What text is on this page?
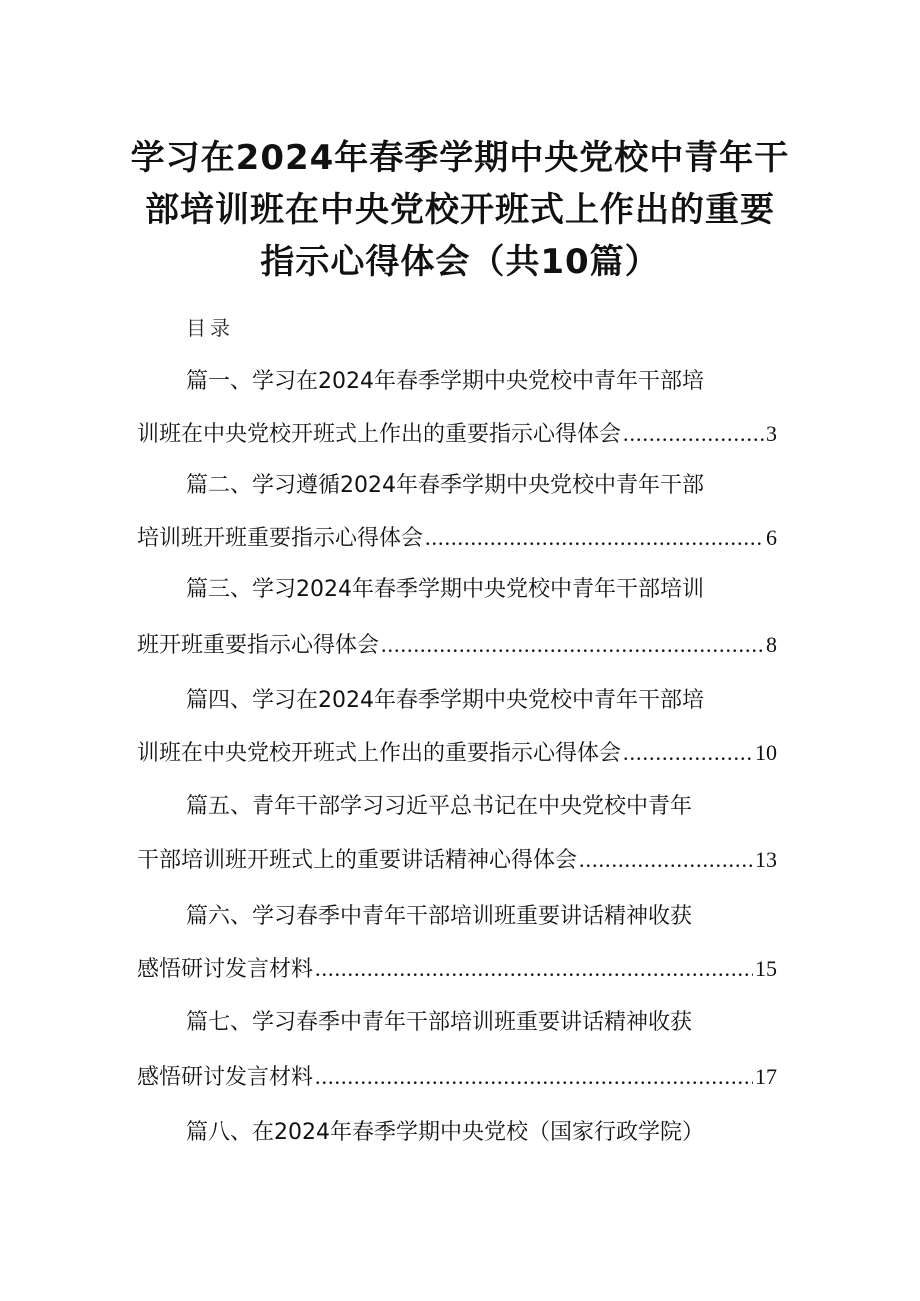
学习在2024年春季学期中央党校中青年干
部培训班在中央党校开班式上作出的重要
指示心得体会（共10篇）
目录
篇一、学习在2024年春季学期中央党校中青年干部培
训班在中央党校开班式上作出的重要指示心得体会 .....	3
篇二、学习遵循2024年春季学期中央党校中青年干部
培训班开班重要指示心得体会 .....	6
篇三、学习2024年春季学期中央党校中青年干部培训
班开班重要指示心得体会 .....	8
篇四、学习在2024年春季学期中央党校中青年干部培
训班在中央党校开班式上作出的重要指示心得体会 .....	10
篇五、青年干部学习习近平总书记在中央党校中青年
干部培训班开班式上的重要讲话精神心得体会 .....	13
篇六、学习春季中青年干部培训班重要讲话精神收获
感悟研讨发言材料 .....	15
篇七、学习春季中青年干部培训班重要讲话精神收获
感悟研讨发言材料 .....	17
篇八、在2024年春季学期中央党校（国家行政学院）
